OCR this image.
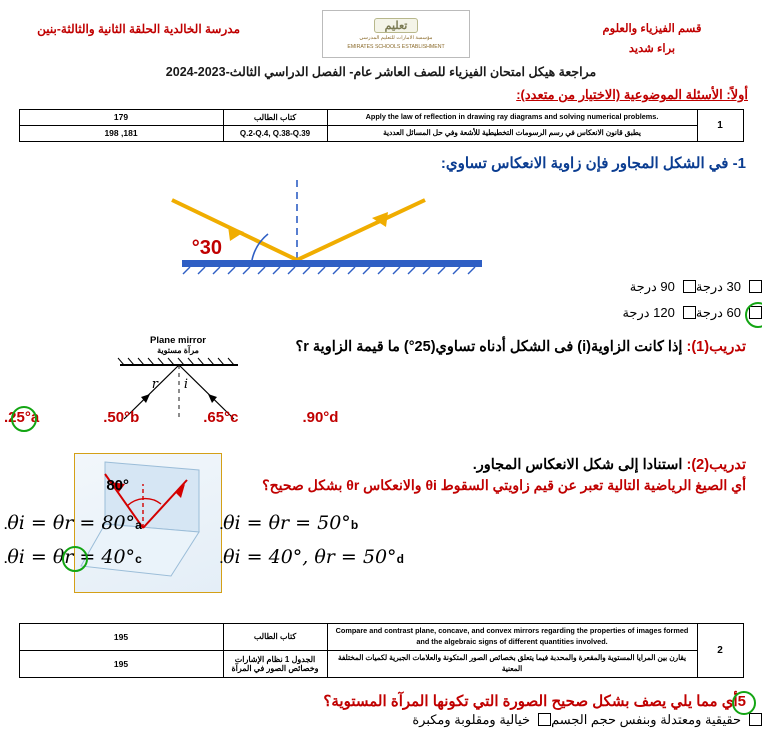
مدرسة الخالدية الحلقة الثانية والثالثة-بنين	تعليم
مؤسسة الامارات للتعليم المدرسي
EMIRATES SCHOOLS ESTABLISHMENT
قسم الفيزياء والعلوم
براء شديد
مراجعة هيكل امتحان الفيزياء للصف العاشر عام- الفصل الدراسي الثالث-2023-2024
أولاً: الأسئلة الموضوعية (الاختيار من متعدد):
1	Apply the law of reflection in drawing ray diagrams and solving numerical problems.	كتاب الطالب	179
	يطبق قانون الانعكاس في رسم الرسومات التخطيطية للأشعة وفي حل المسائل العددية	Q.2-Q.4, Q.38-Q.39	181, 198
1- في الشكل المجاور فإن زاوية الانعكاس تساوي:
°30
30 درجة
90 درجة
60 درجة
120 درجة
Plane mirror
مرآة مستوية
r i
تدريب(1): إذا كانت الزاوية(i) فى الشكل أدناه تساوي(25°) ما قيمة الزاوية r؟
25°a.	50°b.	65°c.	90°d.
80°
تدريب(2): استنادا إلى شكل الانعكاس المجاور.
أي الصيغ الرياضية التالية تعبر عن قيم زاويتي السقوط θi والانعكاس θr بشكل صحيح؟
θi = θr = 80°a.	θi = θr = 50°b.
θi = θr = 40°c.	θi = 40°, θr = 50°d.
2	Compare and contrast plane, concave, and convex mirrors regarding the properties of images formed and the algebraic signs of different quantities involved.	كتاب الطالب	195
	يقارن بين المرايا المستوية والمقعرة والمحدبة فيما يتعلق بخصائص الصور المتكونة والعلامات الجبرية لكميات المختلفة المعنية	الجدول 1 نظام الإشارات وخصائص الصور في المرآة	195
5أي مما يلي يصف بشكل صحيح الصورة التي تكونها المرآة المستوية؟
حقيقية ومعتدلة وبنفس حجم الجسم
خيالية ومقلوبة ومكبرة
